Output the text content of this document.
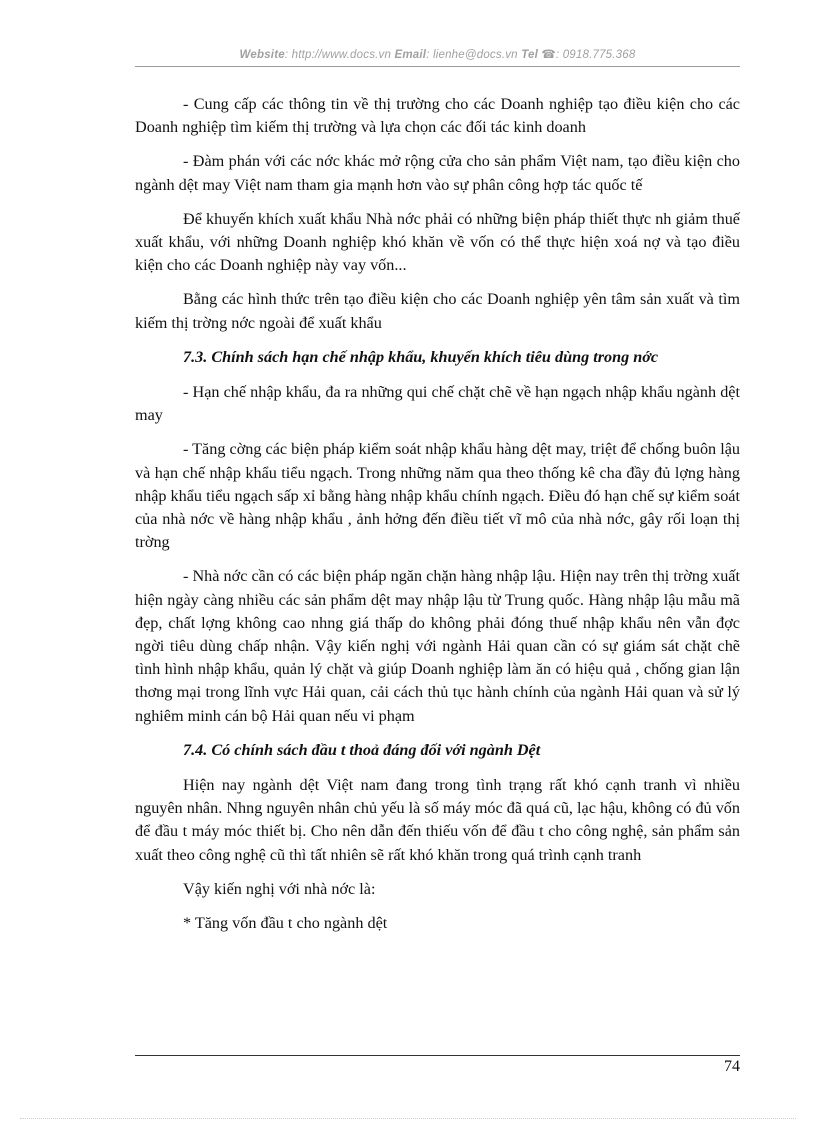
Website: http://www.docs.vn Email: lienhe@docs.vn Tel ☎: 0918.775.368

- Cung cấp các thông tin về thị trường cho các Doanh nghiệp tạo điều kiện cho các Doanh nghiệp tìm kiếm thị trường và lựa chọn các đối tác kinh doanh

- Đàm phán với các nớc khác mở rộng cửa cho sản phẩm Việt nam, tạo điều kiện cho ngành dệt may Việt nam tham gia mạnh hơn vào sự phân công hợp tác quốc tế

Để khuyến khích xuất khẩu Nhà nớc phải có những biện pháp thiết thực nh giảm thuế xuất khẩu, với những Doanh nghiệp khó khăn về vốn có thể thực hiện xoá nợ và tạo điều kiện cho các Doanh nghiệp này vay vốn...

Bằng các hình thức trên tạo điều kiện cho các Doanh nghiệp yên tâm sản xuất và tìm kiếm thị trờng nớc ngoài để xuất khẩu

7.3. Chính sách hạn chế nhập khẩu, khuyến khích tiêu dùng trong nớc

- Hạn chế nhập khẩu, đa ra những qui chế chặt chẽ về hạn ngạch nhập khẩu ngành dệt may

- Tăng cờng các biện pháp kiểm soát nhập khẩu hàng dệt may, triệt để chống buôn lậu và hạn chế nhập khẩu tiểu ngạch. Trong những năm qua theo thống kê cha đầy đủ lợng hàng nhập khẩu tiểu ngạch sấp xỉ bằng hàng nhập khẩu chính ngạch. Điều đó hạn chế sự kiểm soát của nhà nớc về hàng nhập khẩu , ảnh hởng đến điều tiết vĩ mô của nhà nớc, gây rối loạn thị trờng

- Nhà nớc cần có các biện pháp ngăn chặn hàng nhập lậu. Hiện nay trên thị trờng xuất hiện ngày càng nhiều các sản phẩm dệt may nhập lậu từ Trung quốc. Hàng nhập lậu mẫu mã đẹp, chất lợng không cao nhng giá thấp do không phải đóng thuế nhập khẩu nên vẫn đợc ngời tiêu dùng chấp nhận. Vậy kiến nghị với ngành Hải quan cần có sự giám sát chặt chẽ tình hình nhập khẩu, quản lý chặt và giúp Doanh nghiệp làm ăn có hiệu quả , chống gian lận thơng mại trong lĩnh vực Hải quan, cải cách thủ tục hành chính của ngành Hải quan và sử lý nghiêm minh cán bộ Hải quan nếu vi phạm

7.4. Có chính sách đầu t thoả đáng đối với ngành Dệt

Hiện nay ngành dệt Việt nam đang trong tình trạng rất khó cạnh tranh vì nhiều nguyên nhân. Nhng nguyên nhân chủ yếu là số máy móc đã quá cũ, lạc hậu, không có đủ vốn để đầu t máy móc thiết bị. Cho nên dẫn đến thiếu vốn để đầu t cho công nghệ, sản phẩm sản xuất theo công nghệ cũ thì tất nhiên sẽ rất khó khăn trong quá trình cạnh tranh

Vậy kiến nghị với nhà nớc là:

* Tăng vốn đầu t cho ngành dệt

74
